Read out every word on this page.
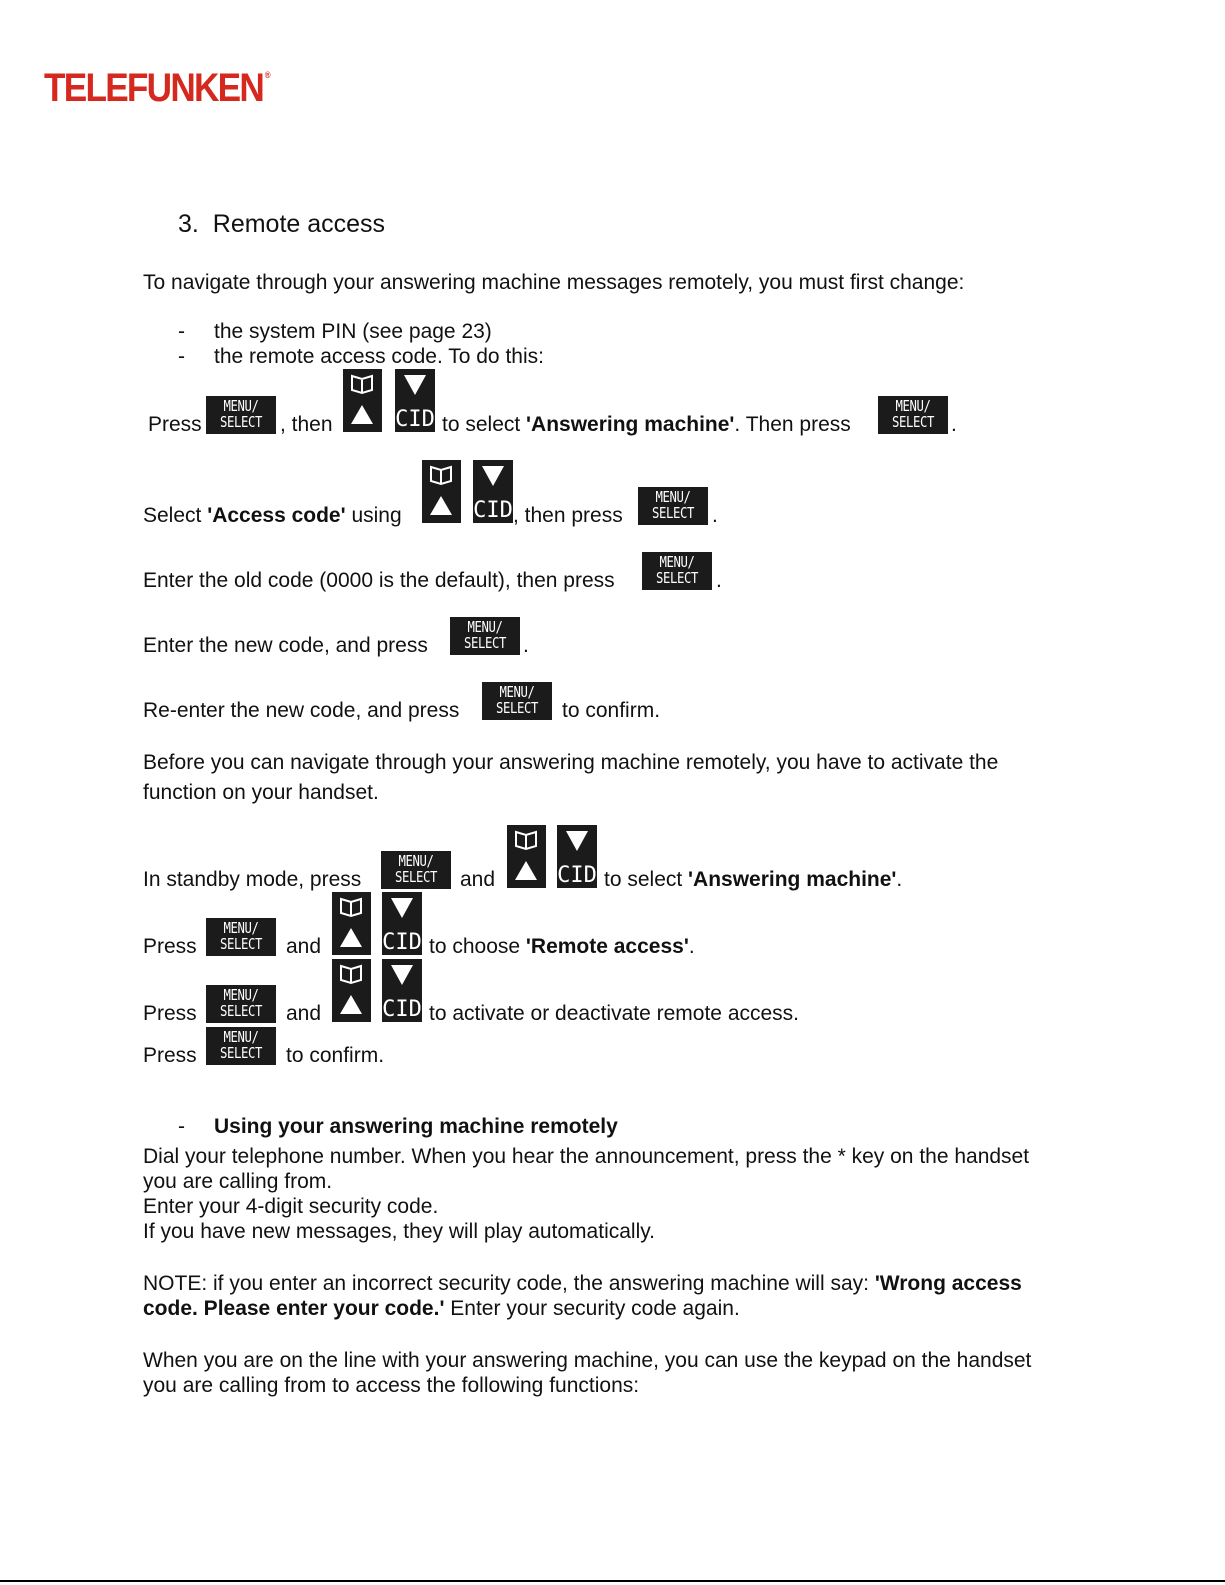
TELEFUNKEN ®
3. Remote access
To navigate through your answering machine messages remotely, you must first change:
- the system PIN (see page 23)
- the remote access code. To do this:
Press
MENU/
SELECT , then	CID to select 'Answering machine'. Then press
MENU/
SELECT .
Select 'Access code' using	CID , then press
MENU/
SELECT .
Enter the old code (0000 is the default), then press
MENU/
SELECT .
Enter the new code, and press
MENU/
SELECT .
Re-enter the new code, and press
MENU/
SELECT	to confirm.
Before you can navigate through your answering machine remotely, you have to activate the function on your handset.
In standby mode, press
MENU/
SELECT	and	CID to select 'Answering machine'.
Press
MENU/
SELECT	and	CID to choose 'Remote access'.
Press
MENU/
SELECT	and	CID to activate or deactivate remote access.
Press
MENU/
SELECT	to confirm.
- Using your answering machine remotely
Dial your telephone number. When you hear the announcement, press the * key on the handset
you are calling from.
Enter your 4-digit security code.
If you have new messages, they will play automatically.
NOTE: if you enter an incorrect security code, the answering machine will say: 'Wrong access
code. Please enter your code.' Enter your security code again.
When you are on the line with your answering machine, you can use the keypad on the handset
you are calling from to access the following functions:
